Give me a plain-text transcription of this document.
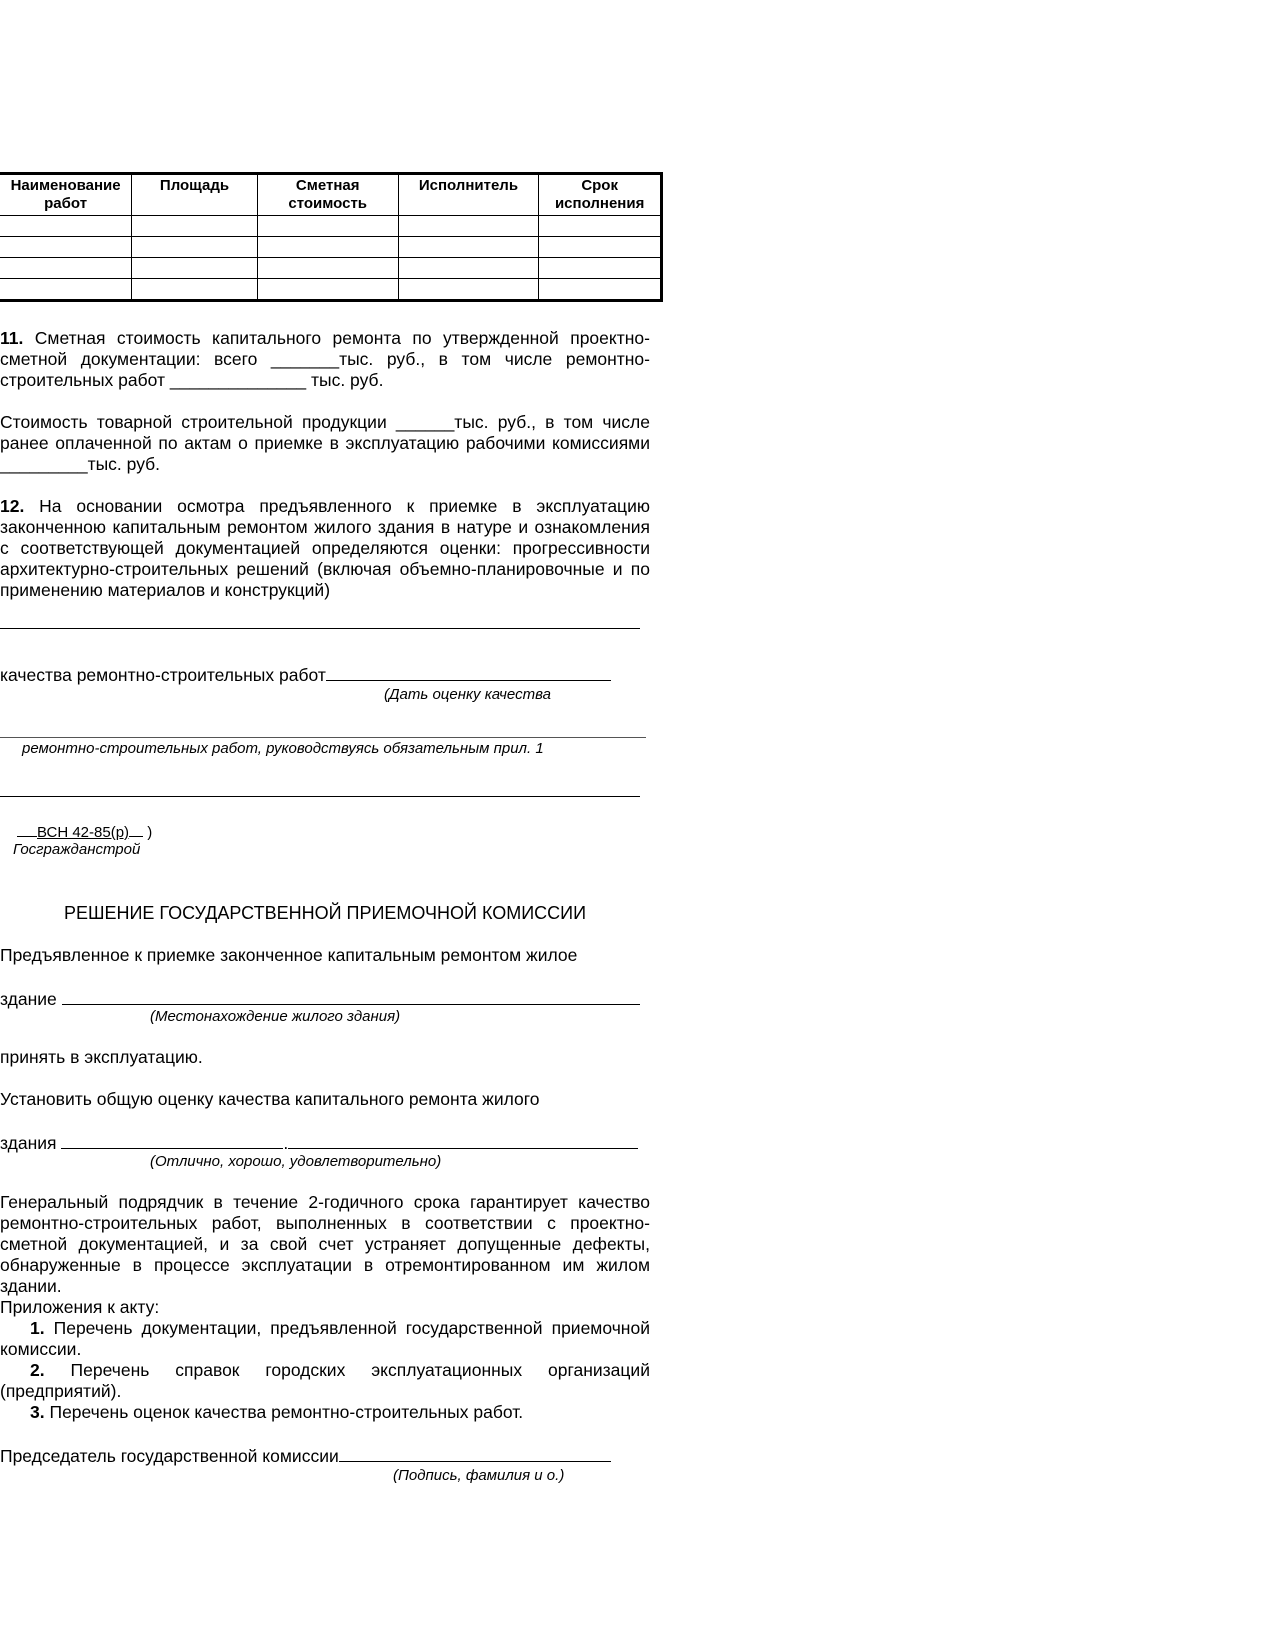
Наименование работ	Площадь	Сметная стоимость	Исполнитель	Срок исполнения

11. Сметная стоимость капитального ремонта по утвержденной проектно-сметной документации: всего _______тыс. руб., в том числе ремонтно-строительных работ ______________ тыс. руб.
Стоимость товарной строительной продукции ______тыс. руб., в том числе ранее оплаченной по актам о приемке в эксплуатацию рабочими комиссиями _________тыс. руб.
12. На основании осмотра предъявленного к приемке в эксплуатацию законченною капитальным ремонтом жилого здания в натуре и ознакомления с соответствующей документацией определяются оценки: прогрессивности архитектурно-строительных решений (включая объемно-планировочные и по применению материалов и конструкций)
качества ремонтно-строительных работ
(Дать оценку качества
ремонтно-строительных работ, руководствуясь обязательным прил. 1
ВСН 42-85(р) )
Госгражданстрой
РЕШЕНИЕ ГОСУДАРСТВЕННОЙ ПРИЕМОЧНОЙ КОМИССИИ
Предъявленное к приемке законченное капитальным ремонтом жилое
здание
(Местонахождение жилого здания)
принять в эксплуатацию.
Установить общую оценку качества капитального ремонта жилого
здания	.
(Отлично, хорошо, удовлетворительно)
Генеральный подрядчик в течение 2-годичного срока гарантирует качество ремонтно-строительных работ, выполненных в соответствии с проектно-сметной документацией, и за свой счет устраняет допущенные дефекты, обнаруженные в процессе эксплуатации в отремонтированном им жилом здании.
Приложения к акту:
1. Перечень документации, предъявленной государственной приемочной комиссии.
2. Перечень справок городских эксплуатационных организаций (предприятий).
3. Перечень оценок качества ремонтно-строительных работ.
Председатель государственной комиссии
(Подпись, фамилия и о.)
